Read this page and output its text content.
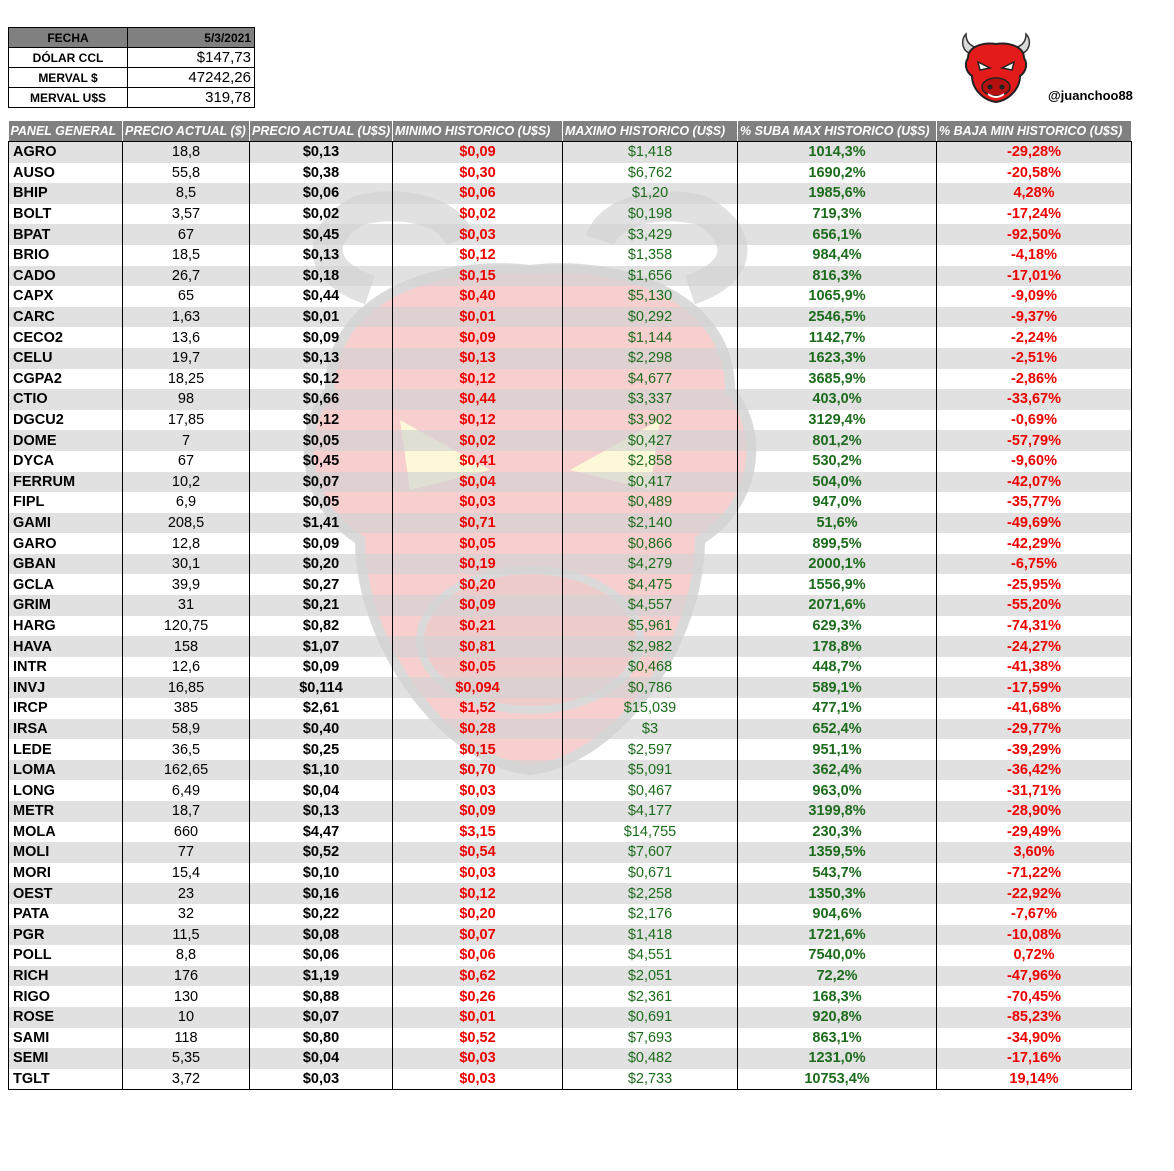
FECHA	5/3/2021
DÓLAR CCL	$147,73
MERVAL $	47242,26
MERVAL U$S	319,78	@juanchoo88
PANEL GENERAL	PRECIO ACTUAL ($)	PRECIO ACTUAL (U$S)	MINIMO HISTORICO (U$S)	MAXIMO HISTORICO (U$S)	% SUBA MAX HISTORICO (U$S)	% BAJA MIN HISTORICO (U$S)
AGRO	18,8	$0,13	$0,09	$1,418	1014,3%	-29,28%
AUSO	55,8	$0,38	$0,30	$6,762	1690,2%	-20,58%
BHIP	8,5	$0,06	$0,06	$1,20	1985,6%	4,28%
BOLT	3,57	$0,02	$0,02	$0,198	719,3%	-17,24%
BPAT	67	$0,45	$0,03	$3,429	656,1%	-92,50%
BRIO	18,5	$0,13	$0,12	$1,358	984,4%	-4,18%
CADO	26,7	$0,18	$0,15	$1,656	816,3%	-17,01%
CAPX	65	$0,44	$0,40	$5,130	1065,9%	-9,09%
CARC	1,63	$0,01	$0,01	$0,292	2546,5%	-9,37%
CECO2	13,6	$0,09	$0,09	$1,144	1142,7%	-2,24%
CELU	19,7	$0,13	$0,13	$2,298	1623,3%	-2,51%
CGPA2	18,25	$0,12	$0,12	$4,677	3685,9%	-2,86%
CTIO	98	$0,66	$0,44	$3,337	403,0%	-33,67%
DGCU2	17,85	$0,12	$0,12	$3,902	3129,4%	-0,69%
DOME	7	$0,05	$0,02	$0,427	801,2%	-57,79%
DYCA	67	$0,45	$0,41	$2,858	530,2%	-9,60%
FERRUM	10,2	$0,07	$0,04	$0,417	504,0%	-42,07%
FIPL	6,9	$0,05	$0,03	$0,489	947,0%	-35,77%
GAMI	208,5	$1,41	$0,71	$2,140	51,6%	-49,69%
GARO	12,8	$0,09	$0,05	$0,866	899,5%	-42,29%
GBAN	30,1	$0,20	$0,19	$4,279	2000,1%	-6,75%
GCLA	39,9	$0,27	$0,20	$4,475	1556,9%	-25,95%
GRIM	31	$0,21	$0,09	$4,557	2071,6%	-55,20%
HARG	120,75	$0,82	$0,21	$5,961	629,3%	-74,31%
HAVA	158	$1,07	$0,81	$2,982	178,8%	-24,27%
INTR	12,6	$0,09	$0,05	$0,468	448,7%	-41,38%
INVJ	16,85	$0,114	$0,094	$0,786	589,1%	-17,59%
IRCP	385	$2,61	$1,52	$15,039	477,1%	-41,68%
IRSA	58,9	$0,40	$0,28	$3	652,4%	-29,77%
LEDE	36,5	$0,25	$0,15	$2,597	951,1%	-39,29%
LOMA	162,65	$1,10	$0,70	$5,091	362,4%	-36,42%
LONG	6,49	$0,04	$0,03	$0,467	963,0%	-31,71%
METR	18,7	$0,13	$0,09	$4,177	3199,8%	-28,90%
MOLA	660	$4,47	$3,15	$14,755	230,3%	-29,49%
MOLI	77	$0,52	$0,54	$7,607	1359,5%	3,60%
MORI	15,4	$0,10	$0,03	$0,671	543,7%	-71,22%
OEST	23	$0,16	$0,12	$2,258	1350,3%	-22,92%
PATA	32	$0,22	$0,20	$2,176	904,6%	-7,67%
PGR	11,5	$0,08	$0,07	$1,418	1721,6%	-10,08%
POLL	8,8	$0,06	$0,06	$4,551	7540,0%	0,72%
RICH	176	$1,19	$0,62	$2,051	72,2%	-47,96%
RIGO	130	$0,88	$0,26	$2,361	168,3%	-70,45%
ROSE	10	$0,07	$0,01	$0,691	920,8%	-85,23%
SAMI	118	$0,80	$0,52	$7,693	863,1%	-34,90%
SEMI	5,35	$0,04	$0,03	$0,482	1231,0%	-17,16%
TGLT	3,72	$0,03	$0,03	$2,733	10753,4%	19,14%
